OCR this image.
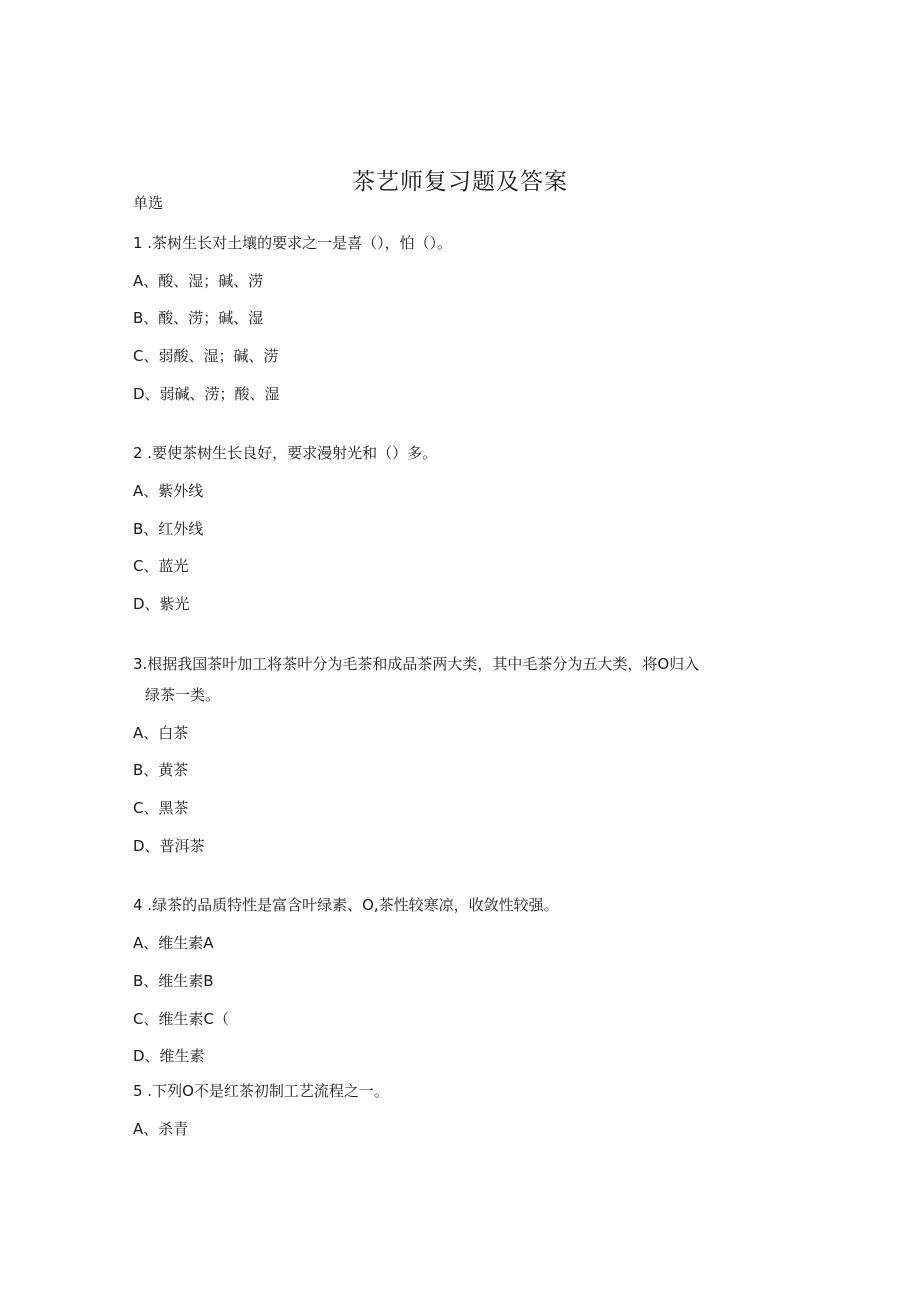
茶艺师复习题及答案
单选
1 .茶树生长对土壤的要求之一是喜（），怕（）。
A、酸、湿；碱、涝
B、酸、涝；碱、湿
C、弱酸、湿；碱、涝
D、弱碱、涝；酸、湿
2 .要使茶树生长良好，要求漫射光和（）多。
A、紫外线
B、红外线
C、蓝光
D、紫光
3.根据我国茶叶加工将茶叶分为毛茶和成品茶两大类，其中毛茶分为五大类，将O归入
绿茶一类。
A、白茶
B、黄茶
C、黑茶
D、普洱茶
4 .绿茶的品质特性是富含叶绿素、O,茶性较寒凉，收敛性较强。
A、维生素A
B、维生素B
C、维生素C（
D、维生素
5 .下列O不是红茶初制工艺流程之一。
A、杀青
